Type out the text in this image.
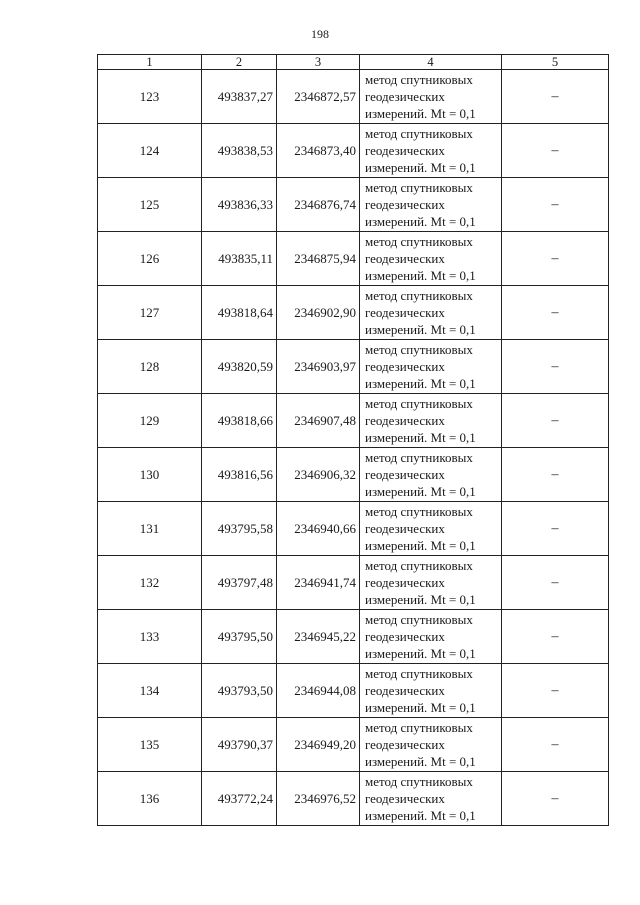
198
1	2	3	4	5
123	493837,27	2346872,57	метод спутниковых
геодезических
измерений. Mt = 0,1	–
124	493838,53	2346873,40	метод спутниковых
геодезических
измерений. Mt = 0,1	–
125	493836,33	2346876,74	метод спутниковых
геодезических
измерений. Mt = 0,1	–
126	493835,11	2346875,94	метод спутниковых
геодезических
измерений. Mt = 0,1	–
127	493818,64	2346902,90	метод спутниковых
геодезических
измерений. Mt = 0,1	–
128	493820,59	2346903,97	метод спутниковых
геодезических
измерений. Mt = 0,1	–
129	493818,66	2346907,48	метод спутниковых
геодезических
измерений. Mt = 0,1	–
130	493816,56	2346906,32	метод спутниковых
геодезических
измерений. Mt = 0,1	–
131	493795,58	2346940,66	метод спутниковых
геодезических
измерений. Mt = 0,1	–
132	493797,48	2346941,74	метод спутниковых
геодезических
измерений. Mt = 0,1	–
133	493795,50	2346945,22	метод спутниковых
геодезических
измерений. Mt = 0,1	–
134	493793,50	2346944,08	метод спутниковых
геодезических
измерений. Mt = 0,1	–
135	493790,37	2346949,20	метод спутниковых
геодезических
измерений. Mt = 0,1	–
136	493772,24	2346976,52	метод спутниковых
геодезических
измерений. Mt = 0,1	–
